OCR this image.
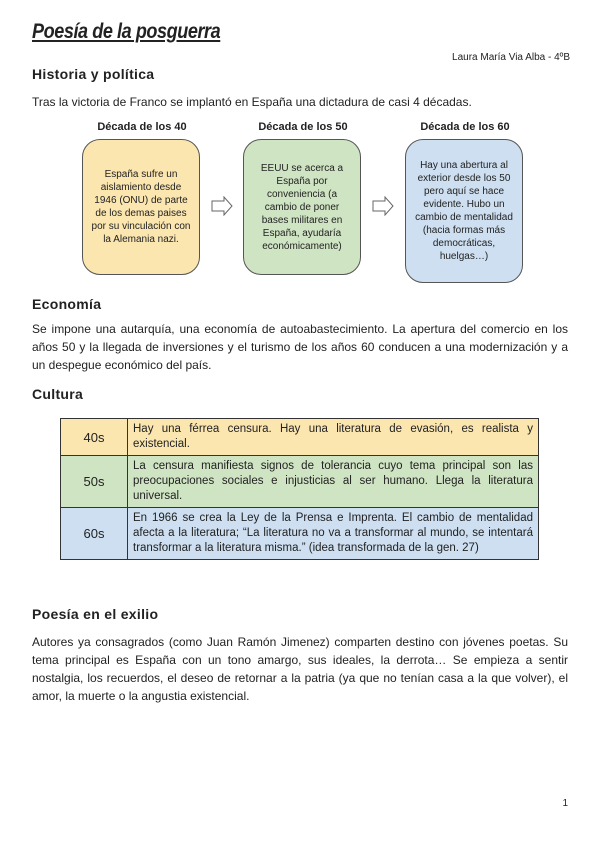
Poesía de la posguerra
Laura María Via Alba - 4ºB
Historia y política

Tras la victoria de Franco se implantó en España una dictadura de casi 4 décadas.

Década de los 40	Década de los 50	Década de los 60
España sufre un aislamiento desde 1946 (ONU) de parte de los demas paises por su vinculación con la Alemania nazi.
EEUU se acerca a España por conveniencia (a cambio de poner bases militares en España, ayudaría económicamente)
Hay una abertura al exterior desde los 50 pero aquí se hace evidente. Hubo un cambio de mentalidad (hacia formas más democráticas, huelgas…)
Economía

Se impone una autarquía, una economía de autoabastecimiento. La apertura del comercio en los años 50 y la llegada de inversiones y el turismo de los años 60 conducen a una modernización y a un despegue económico del país.

Cultura
40s	Hay una férrea censura. Hay una literatura de evasión, es realista y existencial.
50s	La censura manifiesta signos de tolerancia cuyo tema principal son las preocupaciones sociales e injusticias al ser humano. Llega la literatura universal.
60s	En 1966 se crea la Ley de la Prensa e Imprenta. El cambio de mentalidad afecta a la literatura; “La literatura no va a transformar al mundo, se intentará transformar a la literatura misma.” (idea transformada de la gen. 27)
Poesía en el exilio

Autores ya consagrados (como Juan Ramón Jimenez) comparten destino con jóvenes poetas. Su tema principal es España con un tono amargo, sus ideales, la derrota… Se empieza a sentir nostalgia, los recuerdos, el deseo de retornar a la patria (ya que no tenían casa a la que volver), el amor, la muerte o la angustia existencial.

1
